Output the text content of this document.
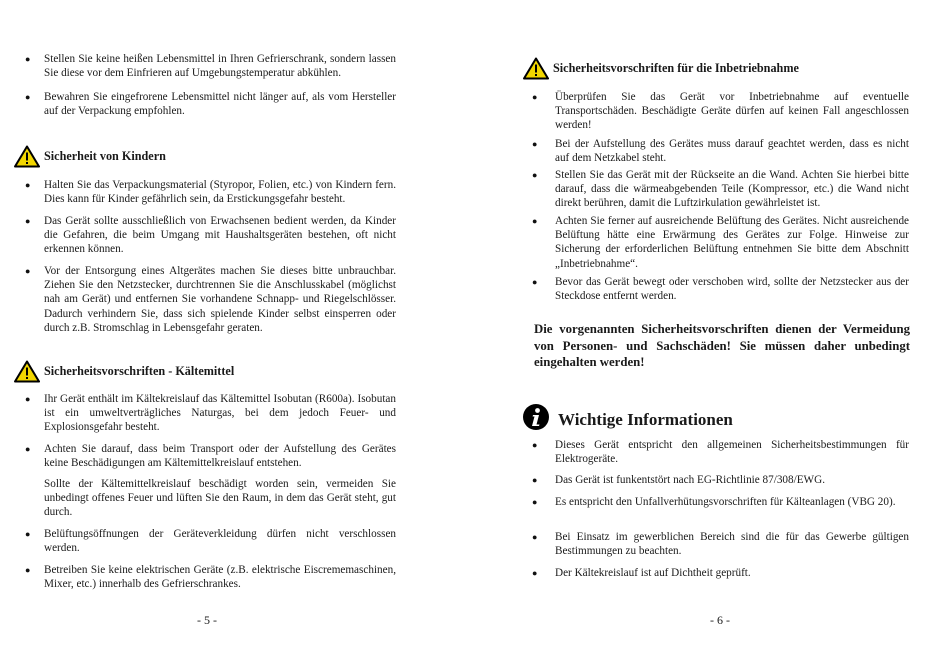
● Stellen Sie keine heißen Lebensmittel in Ihren Gefrierschrank, sondern lassen Sie diese vor dem Einfrieren auf Umgebungstemperatur abkühlen.
● Bewahren Sie eingefrorene Lebensmittel nicht länger auf, als vom Hersteller auf der Verpackung empfohlen.
Sicherheit von Kindern
● Halten Sie das Verpackungsmaterial (Styropor, Folien, etc.) von Kindern fern. Dies kann für Kinder gefährlich sein, da Erstickungsgefahr besteht.
● Das Gerät sollte ausschließlich von Erwachsenen bedient werden, da Kinder die Gefahren, die beim Umgang mit Haushaltsgeräten bestehen, oft nicht erkennen können.
● Vor der Entsorgung eines Altgerätes machen Sie dieses bitte unbrauchbar. Ziehen Sie den Netzstecker, durchtrennen Sie die Anschlusskabel (möglichst nah am Gerät) und entfernen Sie vorhandene Schnapp- und Riegelschlösser. Dadurch verhindern Sie, dass sich spielende Kinder selbst einsperren oder durch z.B. Stromschlag in Lebensgefahr geraten.
Sicherheitsvorschriften - Kältemittel
● Ihr Gerät enthält im Kältekreislauf das Kältemittel Isobutan (R600a). Isobutan ist ein umweltverträgliches Naturgas, bei dem jedoch Feuer- und Explosionsgefahr besteht.
● Achten Sie darauf, dass beim Transport oder der Aufstellung des Gerätes keine Beschädigungen am Kältemittelkreislauf entstehen.
Sollte der Kältemittelkreislauf beschädigt worden sein, vermeiden Sie unbedingt offenes Feuer und lüften Sie den Raum, in dem das Gerät steht, gut durch.
● Belüftungsöffnungen der Geräteverkleidung dürfen nicht verschlossen werden.
● Betreiben Sie keine elektrischen Geräte (z.B. elektrische Eiscrememaschinen, Mixer, etc.) innerhalb des Gefrierschrankes.
- 5 -
Sicherheitsvorschriften für die Inbetriebnahme
● Überprüfen Sie das Gerät vor Inbetriebnahme auf eventuelle Transportschäden. Beschädigte Geräte dürfen auf keinen Fall angeschlossen werden!
● Bei der Aufstellung des Gerätes muss darauf geachtet werden, dass es nicht auf dem Netzkabel steht.
● Stellen Sie das Gerät mit der Rückseite an die Wand. Achten Sie hierbei bitte darauf, dass die wärmeabgebenden Teile (Kompressor, etc.) die Wand nicht direkt berühren, damit die Luftzirkulation gewährleistet ist.
● Achten Sie ferner auf ausreichende Belüftung des Gerätes. Nicht ausreichende Belüftung hätte eine Erwärmung des Gerätes zur Folge. Hinweise zur Sicherung der erforderlichen Belüftung entnehmen Sie bitte dem Abschnitt „Inbetriebnahme“.
● Bevor das Gerät bewegt oder verschoben wird, sollte der Netzstecker aus der Steckdose entfernt werden.
Die vorgenannten Sicherheitsvorschriften dienen der Vermeidung von Personen- und Sachschäden! Sie müssen daher unbedingt eingehalten werden!
Wichtige Informationen
● Dieses Gerät entspricht den allgemeinen Sicherheitsbestimmungen für Elektrogeräte.
● Das Gerät ist funkentstört nach EG-Richtlinie 87/308/EWG.
● Es entspricht den Unfallverhütungsvorschriften für Kälteanlagen (VBG 20).
● Bei Einsatz im gewerblichen Bereich sind die für das Gewerbe gültigen Bestimmungen zu beachten.
● Der Kältekreislauf ist auf Dichtheit geprüft.
- 6 -
